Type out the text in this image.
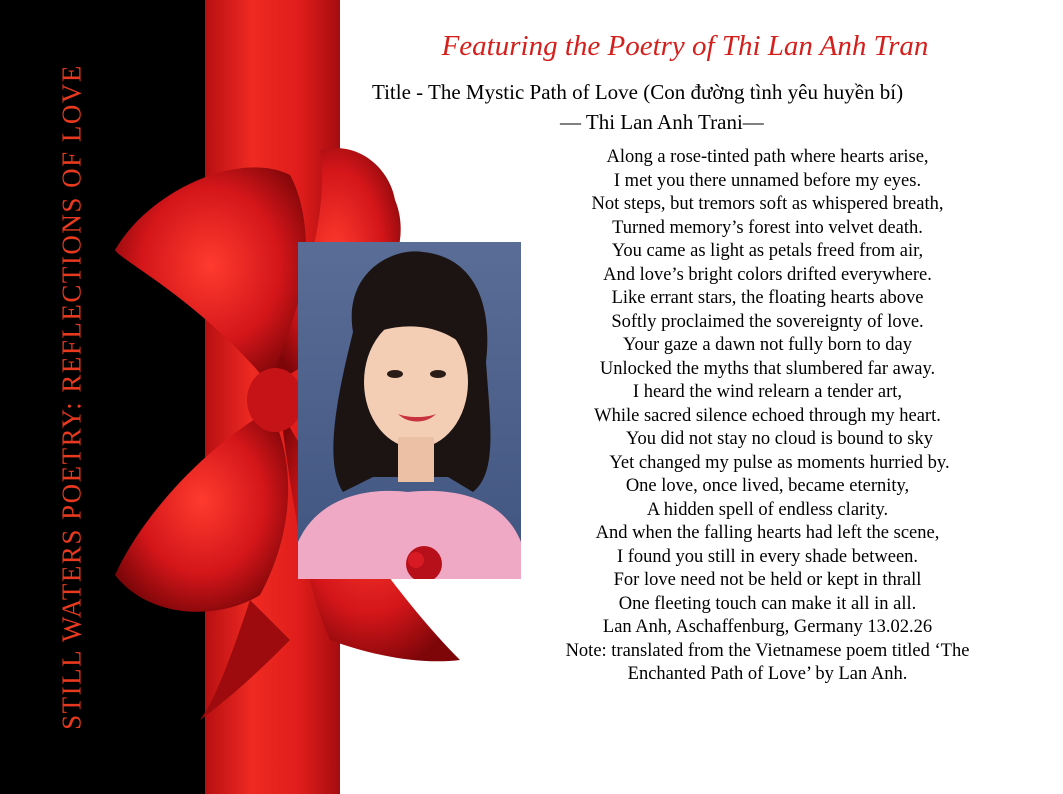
STILL WATERS POETRY: REFLECTIONS OF LOVE
Featuring the Poetry of Thi Lan Anh Tran
Title - The Mystic Path of Love (Con đường tình yêu huyền bí)
— Thi Lan Anh Trani—
Along a rose-tinted path where hearts arise,
I met you there unnamed before my eyes.
Not steps, but tremors soft as whispered breath,
Turned memory’s forest into velvet death.
You came as light as petals freed from air,
And love’s bright colors drifted everywhere.
Like errant stars, the floating hearts above
Softly proclaimed the sovereignty of love.
Your gaze a dawn not fully born to day
Unlocked the myths that slumbered far away.
I heard the wind relearn a tender art,
While sacred silence echoed through my heart.
You did not stay no cloud is bound to sky
Yet changed my pulse as moments hurried by.
One love, once lived, became eternity,
A hidden spell of endless clarity.
And when the falling hearts had left the scene,
I found you still in every shade between.
For love need not be held or kept in thrall
One fleeting touch can make it all in all.
Lan Anh, Aschaffenburg, Germany 13.02.26
Note: translated from the Vietnamese poem titled ‘The
Enchanted Path of Love’ by Lan Anh.
